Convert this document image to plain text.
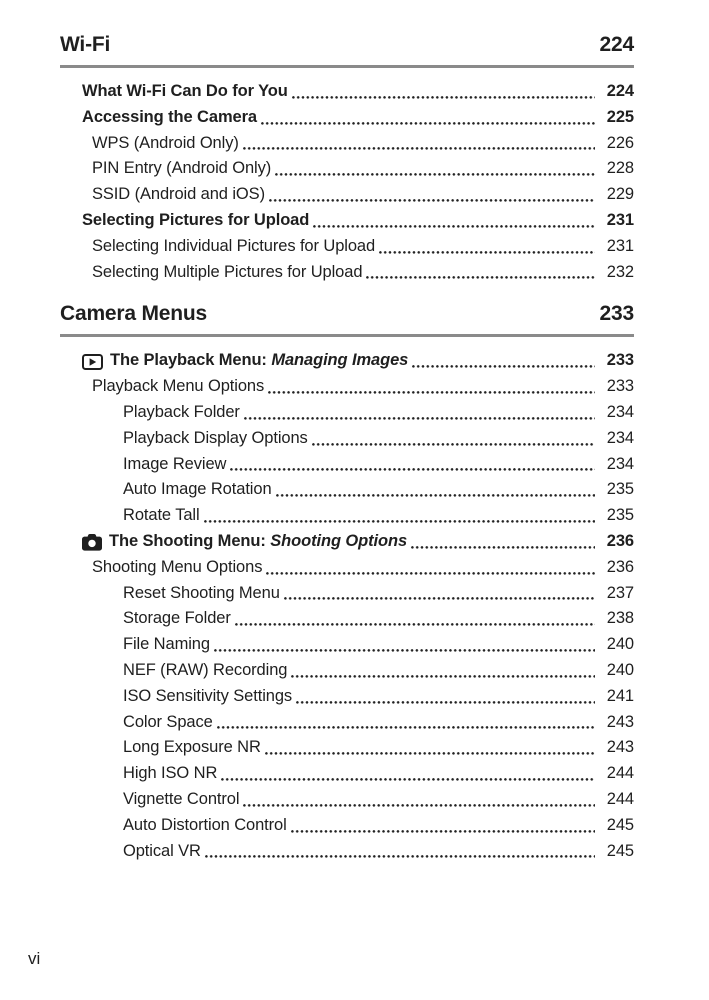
Wi-Fi	224
What Wi-Fi Can Do for You	224
Accessing the Camera	225
WPS (Android Only)	226
PIN Entry (Android Only)	228
SSID (Android and iOS)	229
Selecting Pictures for Upload	231
Selecting Individual Pictures for Upload	231
Selecting Multiple Pictures for Upload	232
Camera Menus	233
The Playback Menu: Managing Images	233
Playback Menu Options	233
Playback Folder	234
Playback Display Options	234
Image Review	234
Auto Image Rotation	235
Rotate Tall	235
The Shooting Menu: Shooting Options	236
Shooting Menu Options	236
Reset Shooting Menu	237
Storage Folder	238
File Naming	240
NEF (RAW) Recording	240
ISO Sensitivity Settings	241
Color Space	243
Long Exposure NR	243
High ISO NR	244
Vignette Control	244
Auto Distortion Control	245
Optical VR	245
vi
